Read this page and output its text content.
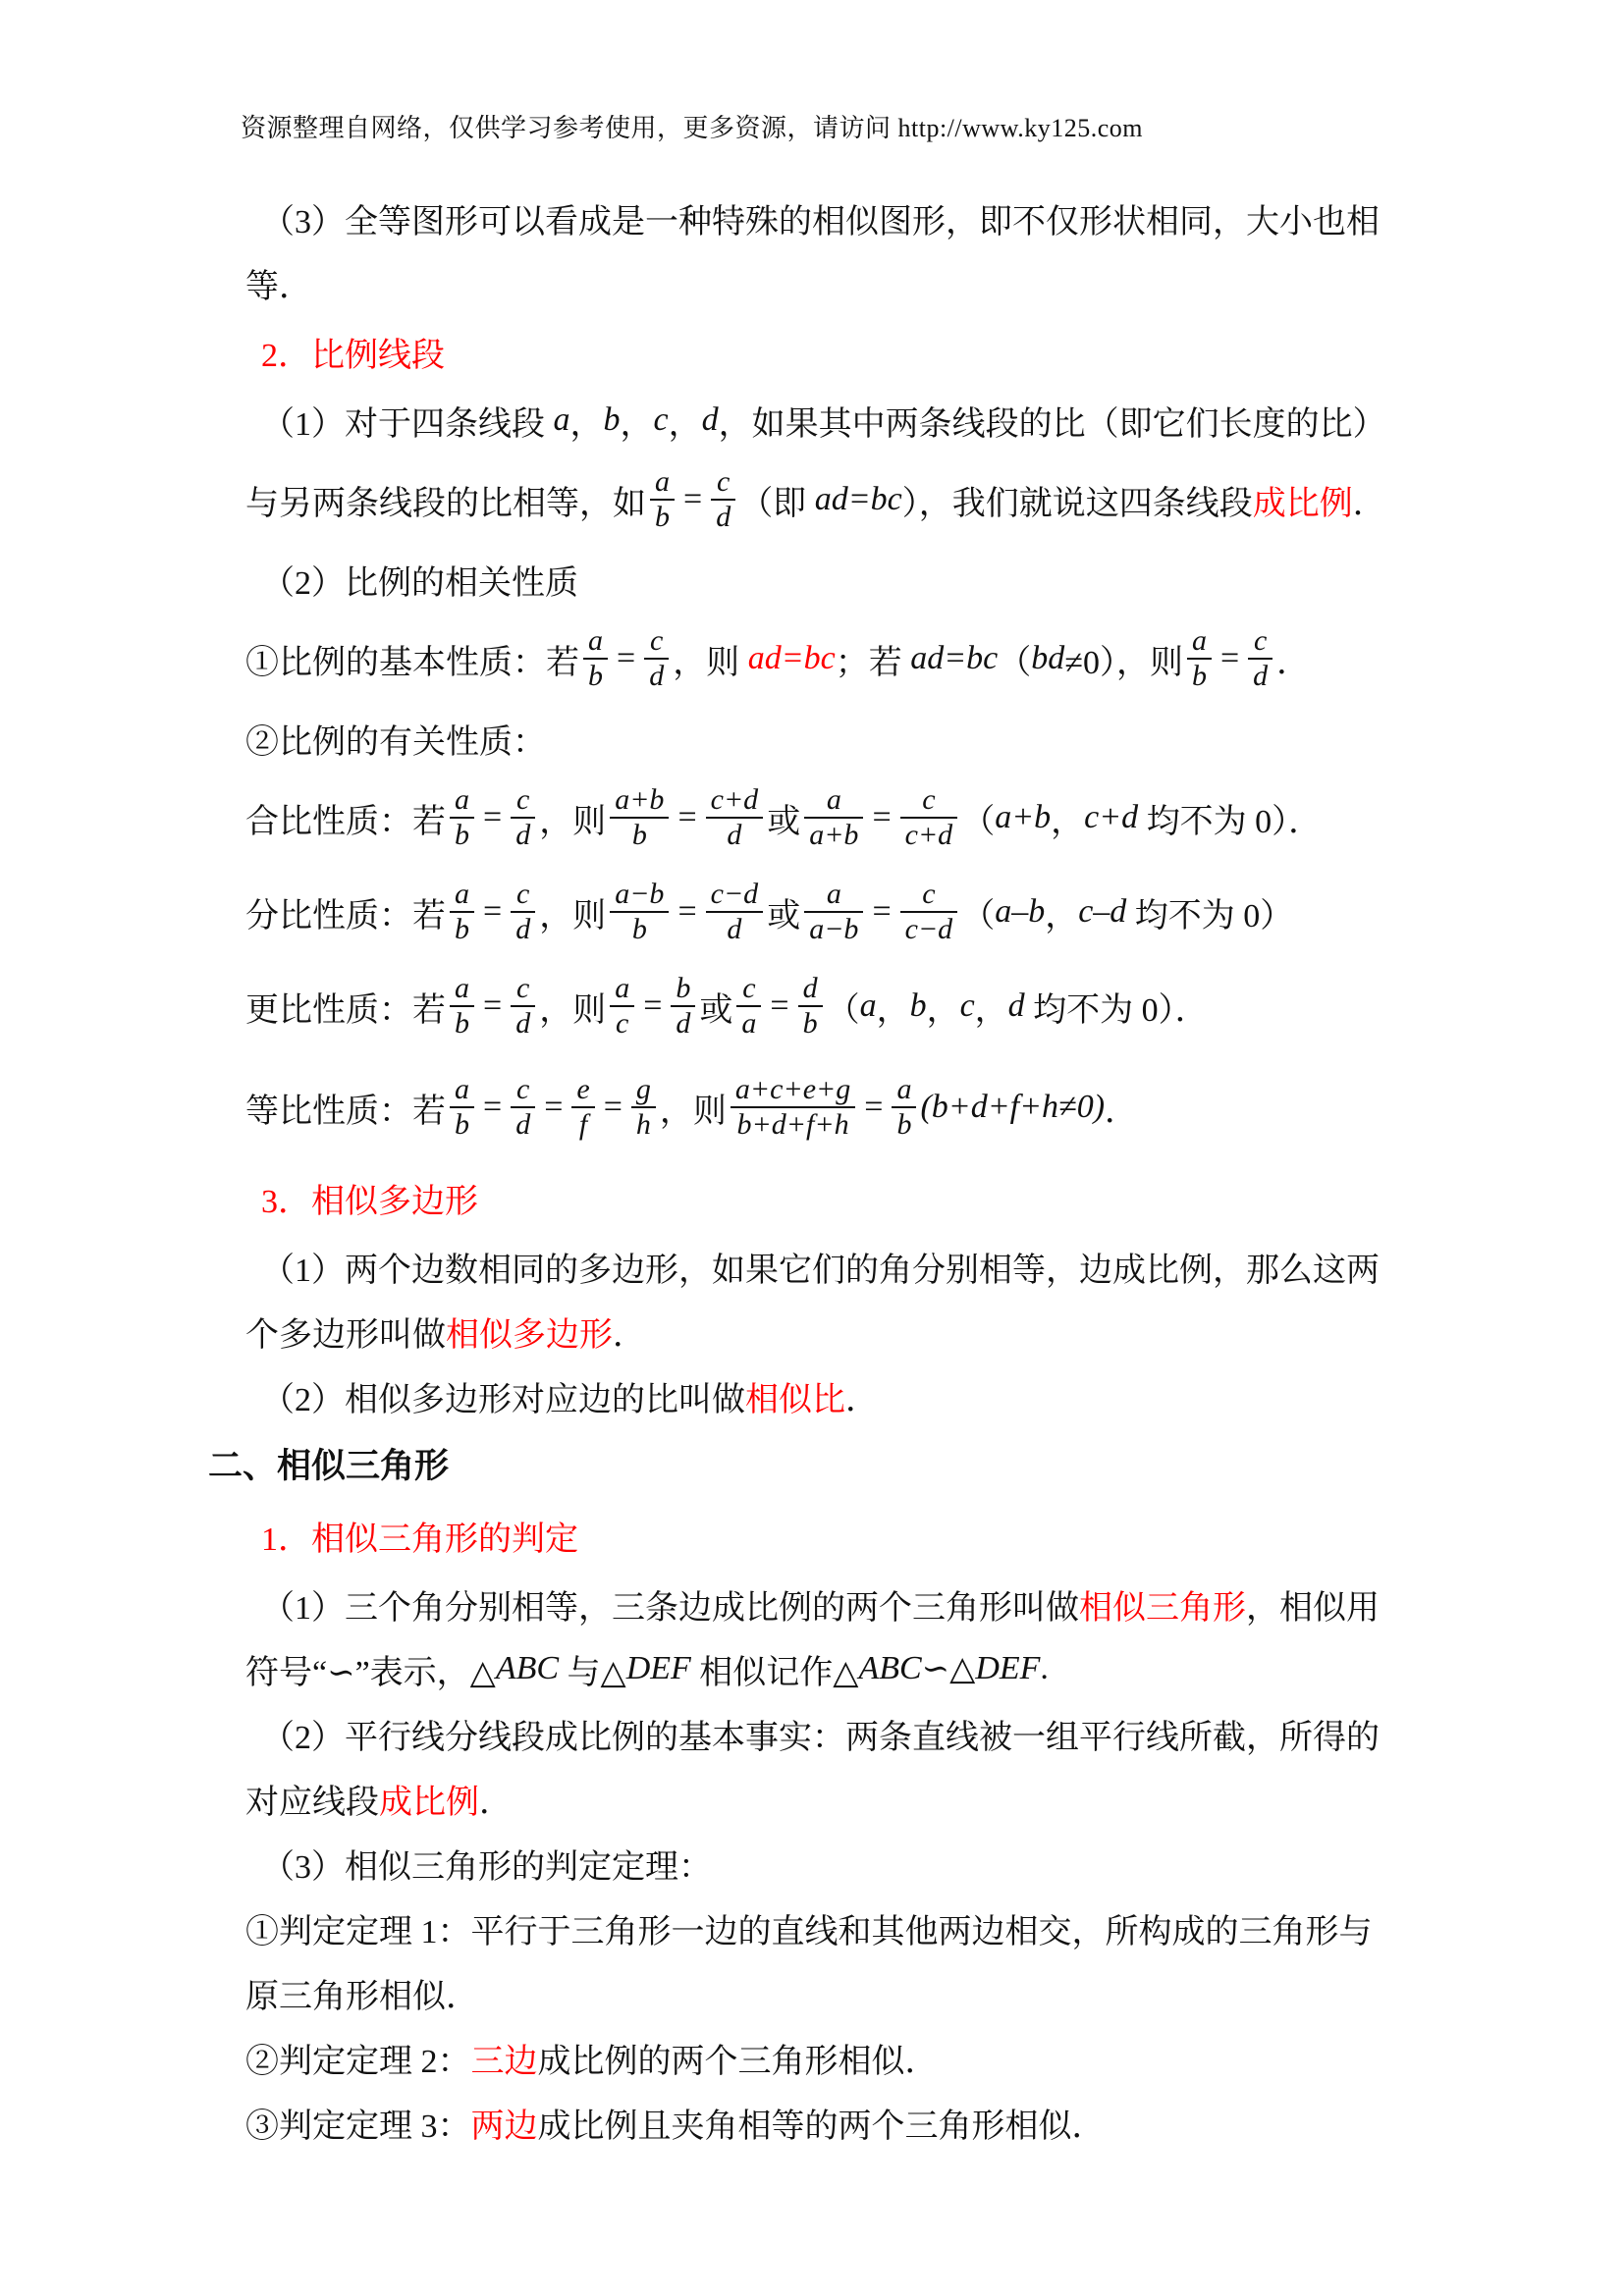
资源整理自网络，仅供学习参考使用，更多资源，请访问 http://www.ky125.com
（3）全等图形可以看成是一种特殊的相似图形，即不仅形状相同，大小也相
等．
2．比例线段
（1）对于四条线段 a ， b ， c ， d ，如果其中两条线段的比（即它们长度的比）
与另两条线段的比相等，如 $\frac{a}{b} = \frac{c}{d}$ （即 ad=bc ），我们就说这四条线段 成比例 ．
（2）比例的相关性质
①比例的基本性质：若 $\frac{a}{b} = \frac{c}{d}$ ，则 ad=bc ；若 ad=bc （ bd ≠0），则 $\frac{a}{b} = \frac{c}{d}$ ．
②比例的有关性质：
合比性质：若 $\frac{a}{b} = \frac{c}{d}$ ，则 $\frac{a+b}{b} = \frac{c+d}{d}$ 或 $\frac{a}{a+b} = \frac{c}{c+d}$ （ a+b ， c+d 均不为 0）．
分比性质：若 $\frac{a}{b} = \frac{c}{d}$ ，则 $\frac{a-b}{b} = \frac{c-d}{d}$ 或 $\frac{a}{a-b} = \frac{c}{c-d}$ （ a–b ， c–d 均不为 0）
更比性质：若 $\frac{a}{b} = \frac{c}{d}$ ，则 $\frac{a}{c} = \frac{b}{d}$ 或 $\frac{c}{a} = \frac{d}{b}$ （ a ， b ， c ， d 均不为 0）．
等比性质：若 $\frac{a}{b} = \frac{c}{d} = \frac{e}{f} = \frac{g}{h}$ ，则 $\frac{a+c+e+g}{b+d+f+h} = \frac{a}{b} (b+d+f+h\ne 0)$ ．
3．相似多边形
（1）两个边数相同的多边形，如果它们的角分别相等，边成比例，那么这两
个多边形叫做 相似多边形 ．
（2）相似多边形对应边的比叫做 相似比 ．
二、相似三角形
1．相似三角形的判定
（1）三个角分别相等，三条边成比例的两个三角形叫做 相似三角形 ，相似用
符号“∽”表示，△ ABC 与△ DEF 相似记作△ ABC ∽△ DEF .
（2）平行线分线段成比例的基本事实：两条直线被一组平行线所截，所得的
对应线段 成比例 ．
（3）相似三角形的判定定理：
①判定定理 1：平行于三角形一边的直线和其他两边相交，所构成的三角形与
原三角形相似．
②判定定理 2： 三边 成比例的两个三角形相似．
③判定定理 3： 两边 成比例且夹角相等的两个三角形相似．
